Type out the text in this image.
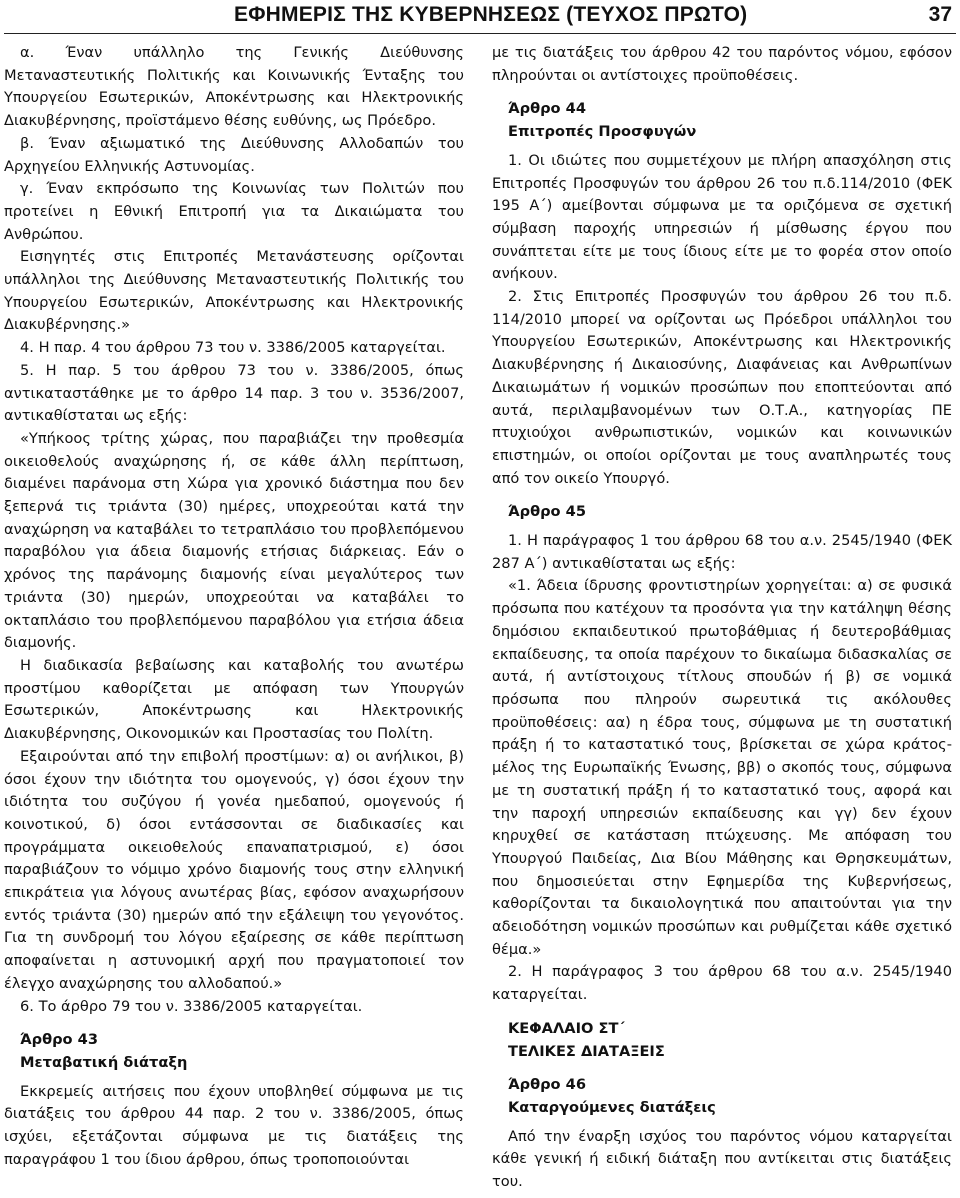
ΕΦΗΜΕΡΙΣ ΤΗΣ ΚΥΒΕΡΝΗΣΕΩΣ (ΤΕΥΧΟΣ ΠΡΩΤΟ)	37

α. Έναν υπάλληλο της Γενικής Διεύθυνσης Μεταναστευτικής Πολιτικής και Κοινωνικής Ένταξης του Υπουργείου Εσωτερικών, Αποκέντρωσης και Ηλεκτρονικής Διακυβέρνησης, προϊστάμενο θέσης ευθύνης, ως Πρόεδρο.

β. Έναν αξιωματικό της Διεύθυνσης Αλλοδαπών του Αρχηγείου Ελληνικής Αστυνομίας.

γ. Έναν εκπρόσωπο της Κοινωνίας των Πολιτών που προτείνει η Εθνική Επιτροπή για τα Δικαιώματα του Ανθρώπου.

Εισηγητές στις Επιτροπές Μετανάστευσης ορίζονται υπάλληλοι της Διεύθυνσης Μεταναστευτικής Πολιτικής του Υπουργείου Εσωτερικών, Αποκέντρωσης και Ηλεκτρονικής Διακυβέρνησης.»

4. Η παρ. 4 του άρθρου 73 του ν. 3386/2005 καταργείται.

5. Η παρ. 5 του άρθρου 73 του ν. 3386/2005, όπως αντικαταστάθηκε με το άρθρο 14 παρ. 3 του ν. 3536/2007, αντικαθίσταται ως εξής:

«Υπήκοος τρίτης χώρας, που παραβιάζει την προθεσμία οικειοθελούς αναχώρησης ή, σε κάθε άλλη περίπτωση, διαμένει παράνομα στη Χώρα για χρονικό διάστημα που δεν ξεπερνά τις τριάντα (30) ημέρες, υποχρεούται κατά την αναχώρηση να καταβάλει το τετραπλάσιο του προβλεπόμενου παραβόλου για άδεια διαμονής ετήσιας διάρκειας. Εάν ο χρόνος της παράνομης διαμονής είναι μεγαλύτερος των τριάντα (30) ημερών, υποχρεούται να καταβάλει το οκταπλάσιο του προβλεπόμενου παραβόλου για ετήσια άδεια διαμονής.

Η διαδικασία βεβαίωσης και καταβολής του ανωτέρω προστίμου καθορίζεται με απόφαση των Υπουργών Εσωτερικών, Αποκέντρωσης και Ηλεκτρονικής Διακυβέρνησης, Οικονομικών και Προστασίας του Πολίτη.

Εξαιρούνται από την επιβολή προστίμων: α) οι ανήλικοι, β) όσοι έχουν την ιδιότητα του ομογενούς, γ) όσοι έχουν την ιδιότητα του συζύγου ή γονέα ημεδαπού, ομογενούς ή κοινοτικού, δ) όσοι εντάσσονται σε διαδικασίες και προγράμματα οικειοθελούς επαναπατρισμού, ε) όσοι παραβιάζουν το νόμιμο χρόνο διαμονής τους στην ελληνική επικράτεια για λόγους ανωτέρας βίας, εφόσον αναχωρήσουν εντός τριάντα (30) ημερών από την εξάλειψη του γεγονότος. Για τη συνδρομή του λόγου εξαίρεσης σε κάθε περίπτωση αποφαίνεται η αστυνομική αρχή που πραγματοποιεί τον έλεγχο αναχώρησης του αλλοδαπού.»

6. Το άρθρο 79 του ν. 3386/2005 καταργείται.

Άρθρο 43

Μεταβατική διάταξη

Εκκρεμείς αιτήσεις που έχουν υποβληθεί σύμφωνα με τις διατάξεις του άρθρου 44 παρ. 2 του ν. 3386/2005, όπως ισχύει, εξετάζονται σύμφωνα με τις διατάξεις της παραγράφου 1 του ίδιου άρθρου, όπως τροποποιούνται

με τις διατάξεις του άρθρου 42 του παρόντος νόμου, εφόσον πληρούνται οι αντίστοιχες προϋποθέσεις.

Άρθρο 44

Επιτροπές Προσφυγών

1. Οι ιδιώτες που συμμετέχουν με πλήρη απασχόληση στις Επιτροπές Προσφυγών του άρθρου 26 του π.δ.114/2010 (ΦΕΚ 195 Α΄) αμείβονται σύμφωνα με τα οριζόμενα σε σχετική σύμβαση παροχής υπηρεσιών ή μίσθωσης έργου που συνάπτεται είτε με τους ίδιους είτε με το φορέα στον οποίο ανήκουν.

2. Στις Επιτροπές Προσφυγών του άρθρου 26 του π.δ. 114/2010 μπορεί να ορίζονται ως Πρόεδροι υπάλληλοι του Υπουργείου Εσωτερικών, Αποκέντρωσης και Ηλεκτρονικής Διακυβέρνησης ή Δικαιοσύνης, Διαφάνειας και Ανθρωπίνων Δικαιωμάτων ή νομικών προσώπων που εποπτεύονται από αυτά, περιλαμβανομένων των Ο.Τ.Α., κατηγορίας ΠΕ πτυχιούχοι ανθρωπιστικών, νομικών και κοινωνικών επιστημών, οι οποίοι ορίζονται με τους αναπληρωτές τους από τον οικείο Υπουργό.

Άρθρο 45

1. Η παράγραφος 1 του άρθρου 68 του α.ν. 2545/1940 (ΦΕΚ 287 Α΄) αντικαθίσταται ως εξής:

«1. Άδεια ίδρυσης φροντιστηρίων χορηγείται: α) σε φυσικά πρόσωπα που κατέχουν τα προσόντα για την κατάληψη θέσης δημόσιου εκπαιδευτικού πρωτοβάθμιας ή δευτεροβάθμιας εκπαίδευσης, τα οποία παρέχουν το δικαίωμα διδασκαλίας σε αυτά, ή αντίστοιχους τίτλους σπουδών ή β) σε νομικά πρόσωπα που πληρούν σωρευτικά τις ακόλουθες προϋποθέσεις: αα) η έδρα τους, σύμφωνα με τη συστατική πράξη ή το καταστατικό τους, βρίσκεται σε χώρα κράτος-μέλος της Ευρωπαϊκής Ένωσης, ββ) ο σκοπός τους, σύμφωνα με τη συστατική πράξη ή το καταστατικό τους, αφορά και την παροχή υπηρεσιών εκπαίδευσης και γγ) δεν έχουν κηρυχθεί σε κατάσταση πτώχευσης. Με απόφαση του Υπουργού Παιδείας, Δια Βίου Μάθησης και Θρησκευμάτων, που δημοσιεύεται στην Εφημερίδα της Κυβερνήσεως, καθορίζονται τα δικαιολογητικά που απαιτούνται για την αδειοδότηση νομικών προσώπων και ρυθμίζεται κάθε σχετικό θέμα.»

2. Η παράγραφος 3 του άρθρου 68 του α.ν. 2545/1940 καταργείται.

ΚΕΦΑΛΑΙΟ ΣΤ΄

ΤΕΛΙΚΕΣ ΔΙΑΤΑΞΕΙΣ

Άρθρο 46

Καταργούμενες διατάξεις

Από την έναρξη ισχύος του παρόντος νόμου καταργείται κάθε γενική ή ειδική διάταξη που αντίκειται στις διατάξεις του.
